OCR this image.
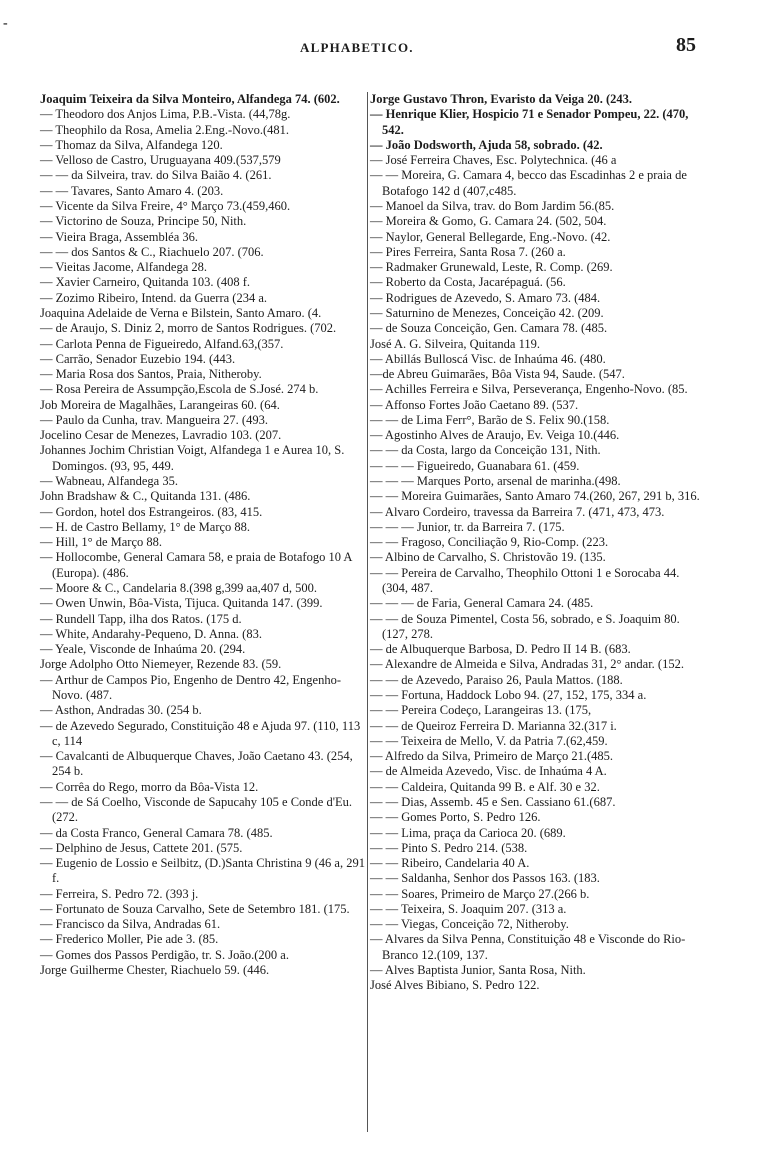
-
ALPHABETICO.	85
Joaquim Teixeira da Silva Monteiro, Alfandega 74. (602.
— Theodoro dos Anjos Lima, P.B.-Vista. (44,78g.
— Theophilo da Rosa, Amelia 2.Eng.-Novo.(481.
— Thomaz da Silva, Alfandega 120.
— Velloso de Castro, Uruguayana 409.(537,579
— — da Silveira, trav. do Silva Baião 4. (261.
— — Tavares, Santo Amaro 4. (203.
— Vicente da Silva Freire, 4° Março 73.(459,460.
— Victorino de Souza, Principe 50, Nith.
— Vieira Braga, Assembléa 36.
— — dos Santos & C., Riachuelo 207. (706.
— Vieitas Jacome, Alfandega 28.
— Xavier Carneiro, Quitanda 103. (408 f.
— Zozimo Ribeiro, Intend. da Guerra (234 a.
Joaquina Adelaide de Verna e Bilstein, Santo Amaro. (4.
— de Araujo, S. Diniz 2, morro de Santos Rodrigues. (702.
— Carlota Penna de Figueiredo, Alfand.63,(357.
— Carrão, Senador Euzebio 194. (443.
— Maria Rosa dos Santos, Praia, Nitheroby.
— Rosa Pereira de Assumpção,Escola de S.José. 274 b.
Job Moreira de Magalhães, Larangeiras 60. (64.
— Paulo da Cunha, trav. Mangueira 27. (493.
Jocelino Cesar de Menezes, Lavradio 103. (207.
Johannes Jochim Christian Voigt, Alfandega 1 e Aurea 10, S. Domingos. (93, 95, 449.
— Wabneau, Alfandega 35.
John Bradshaw & C., Quitanda 131. (486.
— Gordon, hotel dos Estrangeiros. (83, 415.
— H. de Castro Bellamy, 1° de Março 88.
— Hill, 1° de Março 88.
— Hollocombe, General Camara 58, e praia de Botafogo 10 A (Europa). (486.
— Moore & C., Candelaria 8.(398 g,399 aa,407 d, 500.
— Owen Unwin, Bôa-Vista, Tijuca. Quitanda 147. (399.
— Rundell Tapp, ilha dos Ratos. (175 d.
— White, Andarahy-Pequeno, D. Anna. (83.
— Yeale, Visconde de Inhaúma 20. (294.
Jorge Adolpho Otto Niemeyer, Rezende 83. (59.
— Arthur de Campos Pio, Engenho de Dentro 42, Engenho-Novo. (487.
— Asthon, Andradas 30. (254 b.
— de Azevedo Segurado, Constituição 48 e Ajuda 97. (110, 113 c, 114
— Cavalcanti de Albuquerque Chaves, João Caetano 43. (254, 254 b.
— Corrêa do Rego, morro da Bôa-Vista 12.
— — de Sá Coelho, Visconde de Sapucahy 105 e Conde d'Eu. (272.
— da Costa Franco, General Camara 78. (485.
— Delphino de Jesus, Cattete 201. (575.
— Eugenio de Lossio e Seilbitz, (D.)Santa Christina 9 (46 a, 291 f.
— Ferreira, S. Pedro 72. (393 j.
— Fortunato de Souza Carvalho, Sete de Setembro 181. (175.
— Francisco da Silva, Andradas 61.
— Frederico Moller, Pie ade 3. (85.
— Gomes dos Passos Perdigão, tr. S. João.(200 a.
Jorge Guilherme Chester, Riachuelo 59. (446.
Jorge Gustavo Thron, Evaristo da Veiga 20. (243.
— Henrique Klier, Hospicio 71 e Senador Pompeu, 22. (470, 542.
— João Dodsworth, Ajuda 58, sobrado. (42.
— José Ferreira Chaves, Esc. Polytechnica. (46 a
— — Moreira, G. Camara 4, becco das Escadinhas 2 e praia de Botafogo 142 d (407,c485.
— Manoel da Silva, trav. do Bom Jardim 56.(85.
— Moreira & Gomo, G. Camara 24. (502, 504.
— Naylor, General Bellegarde, Eng.-Novo. (42.
— Pires Ferreira, Santa Rosa 7. (260 a.
— Radmaker Grunewald, Leste, R. Comp. (269.
— Roberto da Costa, Jacarépaguá. (56.
— Rodrigues de Azevedo, S. Amaro 73. (484.
— Saturnino de Menezes, Conceição 42. (209.
— de Souza Conceição, Gen. Camara 78. (485.
José A. G. Silveira, Quitanda 119.
— Abillás Bulloscá Visc. de Inhaúma 46. (480.
—de Abreu Guimarães, Bôa Vista 94, Saude. (547.
— Achilles Ferreira e Silva, Perseverança, Engenho-Novo. (85.
— Affonso Fortes João Caetano 89. (537.
— — de Lima Ferr°, Barão de S. Felix 90.(158.
— Agostinho Alves de Araujo, Ev. Veiga 10.(446.
— — da Costa, largo da Conceição 131, Nith.
— — — Figueiredo, Guanabara 61. (459.
— — — Marques Porto, arsenal de marinha.(498.
— — Moreira Guimarães, Santo Amaro 74.(260, 267, 291 b, 316.
— Alvaro Cordeiro, travessa da Barreira 7. (471, 473, 473.
— — — Junior, tr. da Barreira 7. (175.
— — Fragoso, Conciliação 9, Rio-Comp. (223.
— Albino de Carvalho, S. Christovão 19. (135.
— — Pereira de Carvalho, Theophilo Ottoni 1 e Sorocaba 44. (304, 487.
— — — de Faria, General Camara 24. (485.
— — de Souza Pimentel, Costa 56, sobrado, e S. Joaquim 80. (127, 278.
— de Albuquerque Barbosa, D. Pedro II 14 B. (683.
— Alexandre de Almeida e Silva, Andradas 31, 2° andar. (152.
— — de Azevedo, Paraiso 26, Paula Mattos. (188.
— — Fortuna, Haddock Lobo 94. (27, 152, 175, 334 a.
— — Pereira Codeço, Larangeiras 13. (175,
— — de Queiroz Ferreira D. Marianna 32.(317 i.
— — Teixeira de Mello, V. da Patria 7.(62,459.
— Alfredo da Silva, Primeiro de Março 21.(485.
— de Almeida Azevedo, Visc. de Inhaúma 4 A.
— — Caldeira, Quitanda 99 B. e Alf. 30 e 32.
— — Dias, Assemb. 45 e Sen. Cassiano 61.(687.
— — Gomes Porto, S. Pedro 126.
— — Lima, praça da Carioca 20. (689.
— — Pinto S. Pedro 214. (538.
— — Ribeiro, Candelaria 40 A.
— — Saldanha, Senhor dos Passos 163. (183.
— — Soares, Primeiro de Março 27.(266 b.
— — Teixeira, S. Joaquim 207. (313 a.
— — Viegas, Conceição 72, Nitheroby.
— Alvares da Silva Penna, Constituição 48 e Visconde do Rio-Branco 12.(109, 137.
— Alves Baptista Junior, Santa Rosa, Nith.
José Alves Bibiano, S. Pedro 122.
